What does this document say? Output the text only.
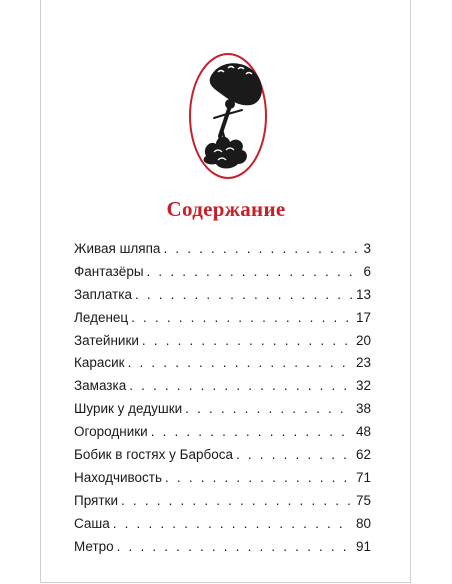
Содержание
Живая шляпа . . .	3
Фантазёры . . .	6
Заплатка . . .	13
Леденец . . .	17
Затейники . . .	20
Карасик . . .	23
Замазка . . .	32
Шурик у дедушки . . .	38
Огородники . . .	48
Бобик в гостях у Барбоса . . .	62
Находчивость . . .	71
Прятки . . .	75
Саша . . .	80
Метро . . .	91
